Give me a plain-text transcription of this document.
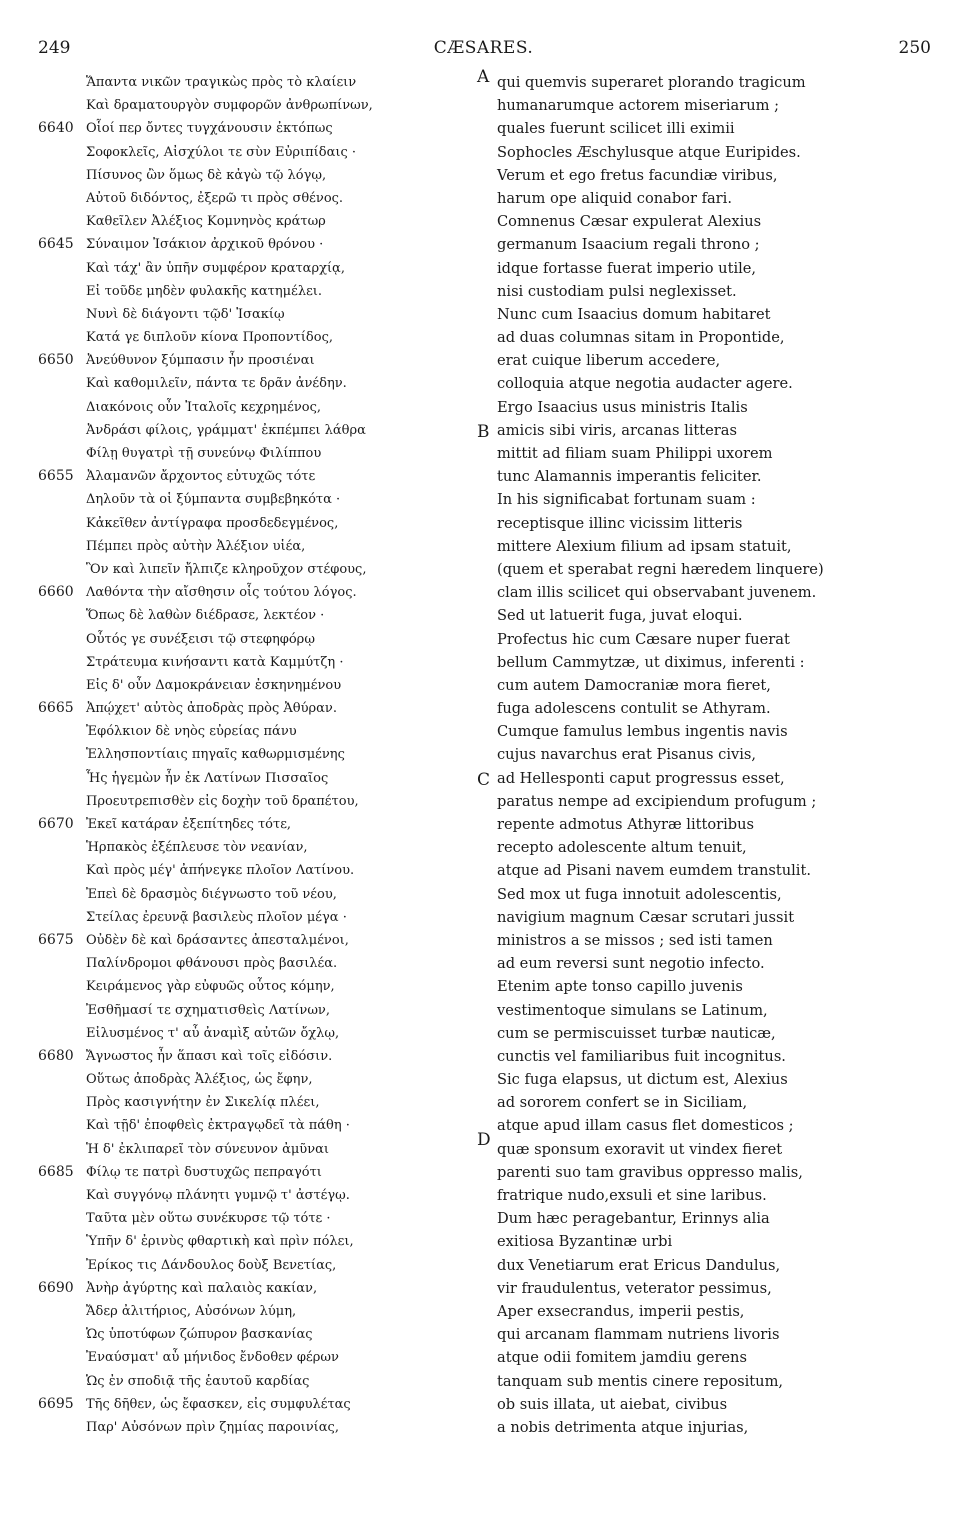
249	CÆSARES.	250
Ἅπαντα νικῶν τραγικὼς πρὸς τὸ κλαίειν
Καὶ δραματουργὸν συμφορῶν ἀνθρωπίνων,
6640 Οἷοί περ ὄντες τυγχάνουσιν ἐκτόπως
Σοφοκλεῖς, Αἰσχύλοι τε σὺν Εὐριπίδαις ·
Πίσυνος ὢν ὅμως δὲ κἀγὼ τῷ λόγῳ,
Αὐτοῦ διδόντος, ἐξερῶ τι πρὸς σθένος.
Καθεῖλεν Ἀλέξιος Κομνηνὸς κράτωρ
6645 Σύναιμον Ἰσάκιον ἀρχικοῦ θρόνου ·
Καὶ τάχ' ἂν ὑπῆν συμφέρον κραταρχίᾳ,
Εἰ τοῦδε μηδὲν φυλακῆς κατημέλει.
Νυνὶ δὲ διάγοντι τῷδ' Ἰσακίῳ
Κατά γε διπλοῦν κίονα Προποντίδος,
6650 Ἀνεύθυνον ξύμπασιν ἦν προσιέναι
Καὶ καθομιλεῖν, πάντα τε δρᾶν ἀνέδην.
Διακόνοις οὖν Ἰταλοῖς κεχρημένος,
Ἀνδράσι φίλοις, γράμματ' ἐκπέμπει λάθρα
Φίλῃ θυγατρὶ τῇ συνεύνῳ Φιλίππου
6655 Ἀλαμανῶν ἄρχοντος εὐτυχῶς τότε
Δηλοῦν τὰ οἱ ξύμπαντα συμβεβηκότα ·
Κἀκεῖθεν ἀντίγραφα προσδεδεγμένος,
Πέμπει πρὸς αὐτὴν Ἀλέξιον υἱέα,
Ὃν καὶ λιπεῖν ἤλπιζε κληροῦχον στέφους,
6660 Λαθόντα τὴν αἴσθησιν οἷς τούτου λόγος.
Ὅπως δὲ λαθὼν διέδρασε, λεκτέον ·
Οὗτός γε συνέξεισι τῷ στεφηφόρῳ
Στράτευμα κινήσαντι κατὰ Καμμύτζη ·
Εἰς δ' οὖν Δαμοκράνειαν ἐσκηνημένου
6665 Ἀπῴχετ' αὐτὸς ἀποδρὰς πρὸς Ἀθύραν.
Ἐφόλκιον δὲ νηὸς εὐρείας πάνυ
Ἑλλησποντίαις πηγαῖς καθωρμισμένης
Ἧς ἡγεμὼν ἦν ἐκ Λατίνων Πισσαῖος
Προευτρεπισθὲν εἰς δοχὴν τοῦ δραπέτου,
6670 Ἐκεῖ κατάραν ἐξεπίτηδες τότε,
Ἡρπακὸς ἐξέπλευσε τὸν νεανίαν,
Καὶ πρὸς μέγ' ἀπήνεγκε πλοῖον Λατίνου.
Ἐπεὶ δὲ δρασμὸς διέγνωστο τοῦ νέου,
Στείλας ἐρευνᾷ βασιλεὺς πλοῖον μέγα ·
6675 Οὐδὲν δὲ καὶ δράσαντες ἀπεσταλμένοι,
Παλίνδρομοι φθάνουσι πρὸς βασιλέα.
Κειράμενος γὰρ εὐφυῶς οὗτος κόμην,
Ἐσθῆμασί τε σχηματισθεὶς Λατίνων,
Εἰλυσμένος τ' αὖ ἀναμὶξ αὐτῶν ὄχλῳ,
6680 Ἄγνωστος ἦν ἅπασι καὶ τοῖς εἰδόσιν.
Οὕτως ἀποδρὰς Ἀλέξιος, ὡς ἔφην,
Πρὸς κασιγνήτην ἐν Σικελίᾳ πλέει,
Καὶ τῇδ' ἐποφθεὶς ἐκτραγῳδεῖ τὰ πάθη ·
Ἡ δ' ἐκλιπαρεῖ τὸν σύνευνον ἀμῦναι
6685 Φίλῳ τε πατρὶ δυστυχῶς πεπραγότι
Καὶ συγγόνῳ πλάνητι γυμνῷ τ' ἀστέγῳ.
Ταῦτα μὲν οὕτω συνέκυρσε τῷ τότε ·
Ὑπῆν δ' ἐρινὺς φθαρτικὴ καὶ πρὶν πόλει,
Ἐρίκος τις Δάνδουλος δοὺξ Βενετίας,
6690 Ἀνὴρ ἀγύρτης καὶ παλαιὸς κακίαν,
Ἄδερ ἀλιτήριος, Αὐσόνων λύμη,
Ὡς ὑποτύφων ζώπυρον βασκανίας
Ἐναύσματ' αὖ μήνιδος ἔνδοθεν φέρων
Ὡς ἐν σποδιᾷ τῆς ἑαυτοῦ καρδίας
6695 Τῆς δῆθεν, ὡς ἔφασκεν, εἰς συμφυλέτας
Παρ' Αὐσόνων πρὶν ζημίας παροινίας,
qui quemvis superaret plorando tragicum
humanarumque actorem miseriarum ;
quales fuerunt scilicet illi eximii
Sophocles Æschylusque atque Euripides.
Verum et ego fretus facundiæ viribus,
harum ope aliquid conabor fari.
Comnenus Cæsar expulerat Alexius
germanum Isaacium regali throno ;
idque fortasse fuerat imperio utile,
nisi custodiam pulsi neglexisset.
Nunc cum Isaacius domum habitaret
ad duas columnas sitam in Propontide,
erat cuique liberum accedere,
colloquia atque negotia audacter agere.
Ergo Isaacius usus ministris Italis
amicis sibi viris, arcanas litteras
mittit ad filiam suam Philippi uxorem
tunc Alamannis imperantis feliciter.
In his significabat fortunam suam :
receptisque illinc vicissim litteris
mittere Alexium filium ad ipsam statuit,
(quem et sperabat regni hæredem linquere)
clam illis scilicet qui observabant juvenem.
Sed ut latuerit fuga, juvat eloqui.
Profectus hic cum Cæsare nuper fuerat
bellum Cammytzæ, ut diximus, inferenti :
cum autem Damocraniæ mora fieret,
fuga adolescens contulit se Athyram.
Cumque famulus lembus ingentis navis
cujus navarchus erat Pisanus civis,
ad Hellesponti caput progressus esset,
paratus nempe ad excipiendum profugum ;
repente admotus Athyræ littoribus
recepto adolescente altum tenuit,
atque ad Pisani navem eumdem transtulit.
Sed mox ut fuga innotuit adolescentis,
navigium magnum Cæsar scrutari jussit
ministros a se missos ; sed isti tamen
ad eum reversi sunt negotio infecto.
Etenim apte tonso capillo juvenis
vestimentoque simulans se Latinum,
cum se permiscuisset turbæ nauticæ,
cunctis vel familiaribus fuit incognitus.
Sic fuga elapsus, ut dictum est, Alexius
ad sororem confert se in Siciliam,
atque apud illam casus flet domesticos ;
quæ sponsum exoravit ut vindex fieret
parenti suo tam gravibus oppresso malis,
fratrique nudo,exsuli et sine laribus.
Dum hæc peragebantur, Erinnys alia
exitiosa Byzantinæ urbi
dux Venetiarum erat Ericus Dandulus,
vir fraudulentus, veterator pessimus,
Aper exsecrandus, imperii pestis,
qui arcanam flammam nutriens livoris
atque odii fomitem jamdiu gerens
tanquam sub mentis cinere repositum,
ob suis illata, ut aiebat, civibus
a nobis detrimenta atque injurias,
A
B
C
D
